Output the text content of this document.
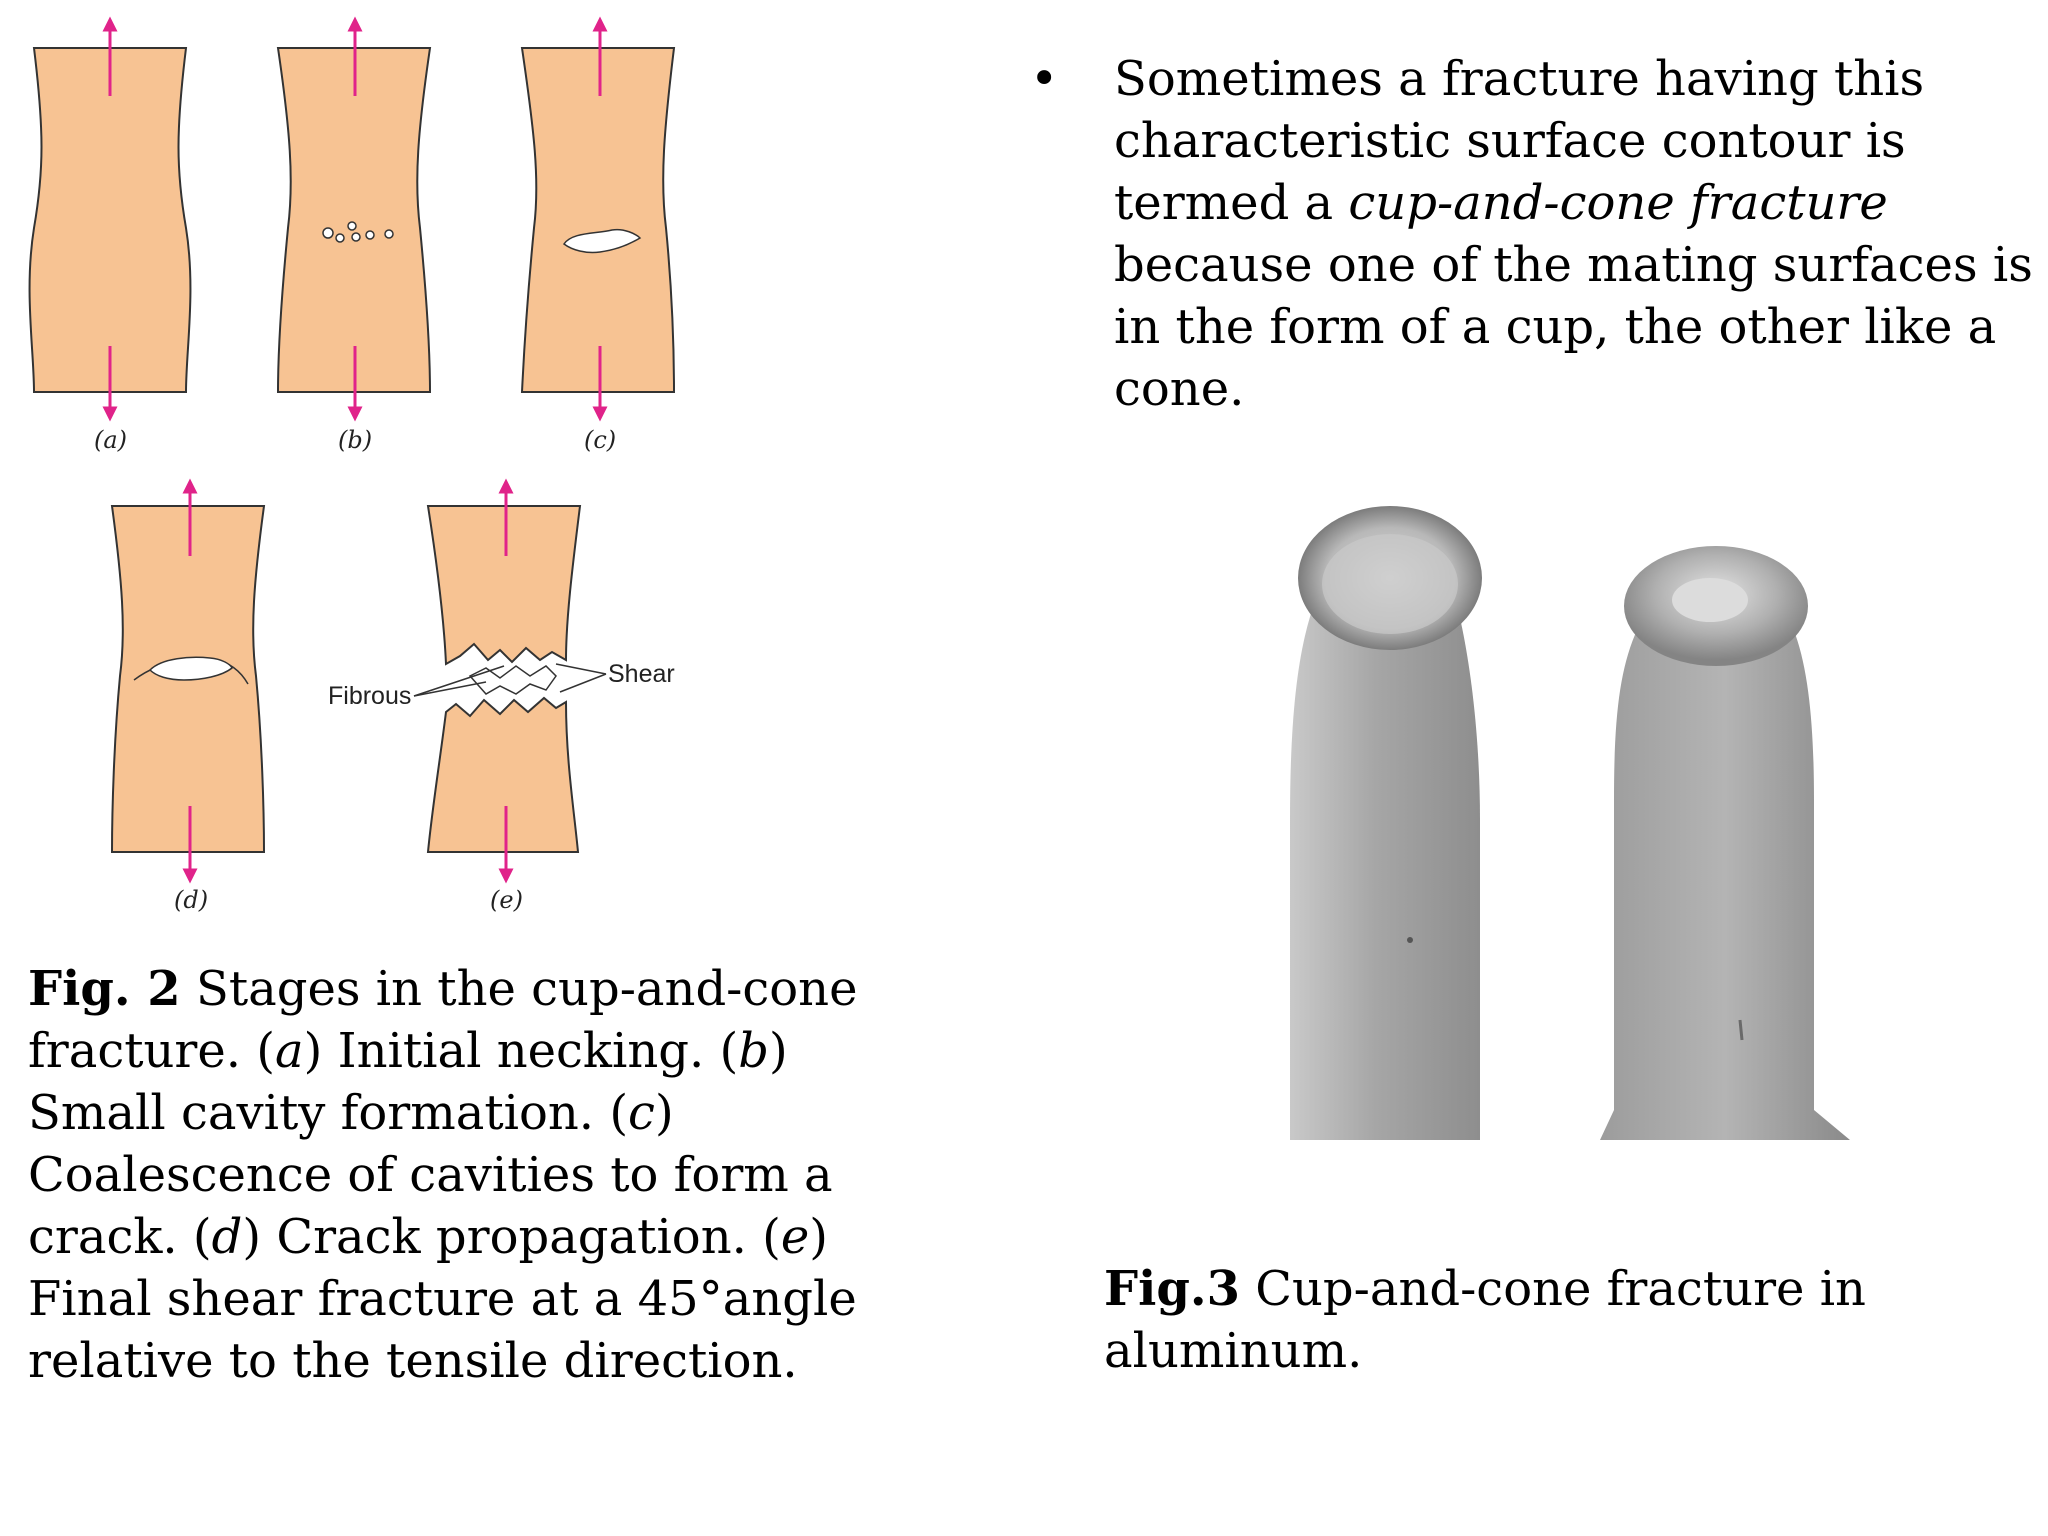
(a)	(b)	(c)
(d)
Fibrous
Shear
(e)
Fig. 2 Stages in the cup-and-cone fracture. (a) Initial necking. (b) Small cavity formation. (c) Coalescence of cavities to form a crack. (d) Crack propagation. (e) Final shear fracture at a 45°angle relative to the tensile direction.
•	Sometimes a fracture having this characteristic surface contour is termed a cup-and-cone fracture because one of the mating surfaces is in the form of a cup, the other like a cone.
Fig.3 Cup-and-cone fracture in aluminum.
